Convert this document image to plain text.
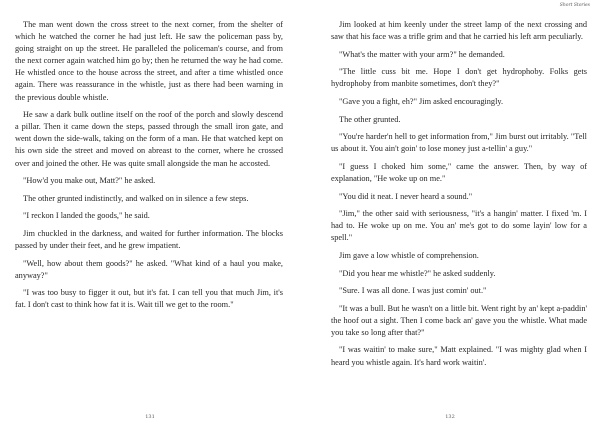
The man went down the cross street to the next corner, from the shelter of which he watched the corner he had just left. He saw the policeman pass by, going straight on up the street. He paralleled the policeman's course, and from the next corner again watched him go by; then he returned the way he had come. He whistled once to the house across the street, and after a time whistled once again. There was reassurance in the whistle, just as there had been warning in the previous double whistle.

He saw a dark bulk outline itself on the roof of the porch and slowly descend a pillar. Then it came down the steps, passed through the small iron gate, and went down the side-walk, taking on the form of a man. He that watched kept on his own side the street and moved on abreast to the corner, where he crossed over and joined the other. He was quite small alongside the man he accosted.

"How'd you make out, Matt?" he asked.

The other grunted indistinctly, and walked on in silence a few steps.

"I reckon I landed the goods," he said.

Jim chuckled in the darkness, and waited for further information. The blocks passed by under their feet, and he grew impatient.

"Well, how about them goods?" he asked. "What kind of a haul you make, anyway?"

"I was too busy to figger it out, but it's fat. I can tell you that much Jim, it's fat. I don't cast to think how fat it is. Wait till we get to the room."

131
Short Stories

Jim looked at him keenly under the street lamp of the next crossing and saw that his face was a trifle grim and that he carried his left arm peculiarly.

"What's the matter with your arm?" he demanded.

"The little cuss bit me. Hope I don't get hydrophoby. Folks gets hydrophoby from manbite sometimes, don't they?"

"Gave you a fight, eh?" Jim asked encouragingly.

The other grunted.

"You're harder'n hell to get information from," Jim burst out irritably. "Tell us about it. You ain't goin' to lose money just a-tellin' a guy."

"I guess I choked him some," came the answer. Then, by way of explanation, "He woke up on me."

"You did it neat. I never heard a sound."

"Jim," the other said with seriousness, "it's a hangin' matter. I fixed 'm. I had to. He woke up on me. You an' me's got to do some layin' low for a spell."

Jim gave a low whistle of comprehension.

"Did you hear me whistle?" he asked suddenly.

"Sure. I was all done. I was just comin' out."

"It was a bull. But he wasn't on a little bit. Went right by an' kept a-paddin' the hoof out a sight. Then I come back an' gave you the whistle. What made you take so long after that?"

"I was waitin' to make sure," Matt explained. "I was mighty glad when I heard you whistle again. It's hard work waitin'.

132
